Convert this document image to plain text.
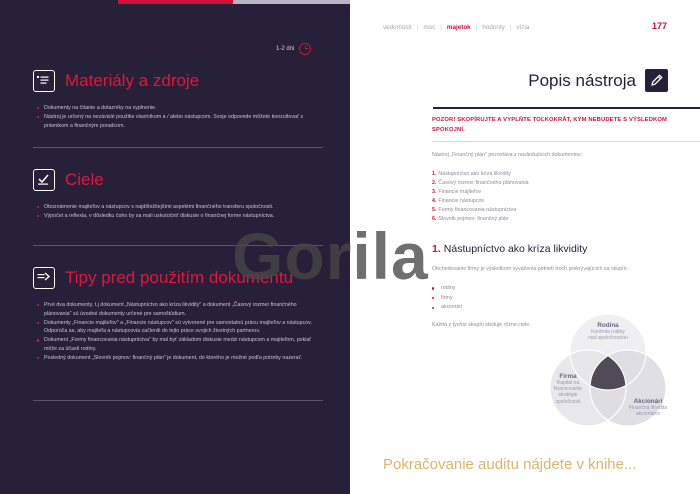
1-2 dni
Materiály a zdroje
Dokumenty na čítanie a dotazníky na vyplnenie.
Nástroj je určený na nezávislé použitie vlastníkom a / alebo nástupcom. Svoje odpovede môžete konzultovať s právnikom a finančným poradcom.
Ciele
Oboznámenie majiteľov a nástupcov s najdôležitejšími aspektmi finančného transferu spoločnosti.
Výpočet a reflexia, v dôsledku čoho by sa mali uskutočniť diskusie o finančnej forme nástupníctva.
Tipy pred použitím dokumentu
Prvé dva dokumenty, t.j dokument „Nástupníctvo ako kríza likvidity" a dokument „Časový rozmer finančného plánovania" sú úvodné dokumenty určené pre samoštúdium.
Dokumenty „Financie majiteľov" a „Financie nástupcov" sú vytvorené pre samostatnú prácu majiteľov a nástupcov. Odporúča sa, aby majiteľa a nástupcovia začlenili do tejto práce svojich životných partnerov.
Dokument „Formy financovania nástupníctva" by mal byť základom diskusie medzi nástupcom a majiteľom, pokiaľ môže za účasti rodiny.
Posledný dokument „Slovník pojmov: finančný plán" je dokument, do ktorého je možné podľa potreby nazerať.
vedomosti | moc | majetok | hodnoty | vízia	177
Popis nástroja
POZOR! SKOPÍRUJTE A VYPLŇTE TOĽKOKRÁT, KÝM NEBUDETE S VÝSLEDKOM SPOKOJNÍ.
Nástroj „Finančný plán" pozostáva z nasledujúcich dokumentov:
1. Nástupníctvo ako kríza likvidity
2. Časový rozmer finančného plánovania
3. Financie majiteľov
4. Financie nástupcov
5. Formy financovania nástupníctva
6. Slovník pojmov: finančný plán
1. Nástupníctvo ako kríza likvidity
Obchodovanie firmy je výsledkom vyváženia potrieb troch prekrývajúcich sa skupín:
rodiny
firmy
akcionári
Každá z týchto skupín sleduje rôzne ciele.	Rodina
Kontrola rodiny
nad spoločnosťou
Firma
Kapitál na
financovanie
stratégie
spoločnosti	Akcionári
Finančná likvidita
akcionárov
Pokračovanie auditu nájdete v knihe...
Gorila
